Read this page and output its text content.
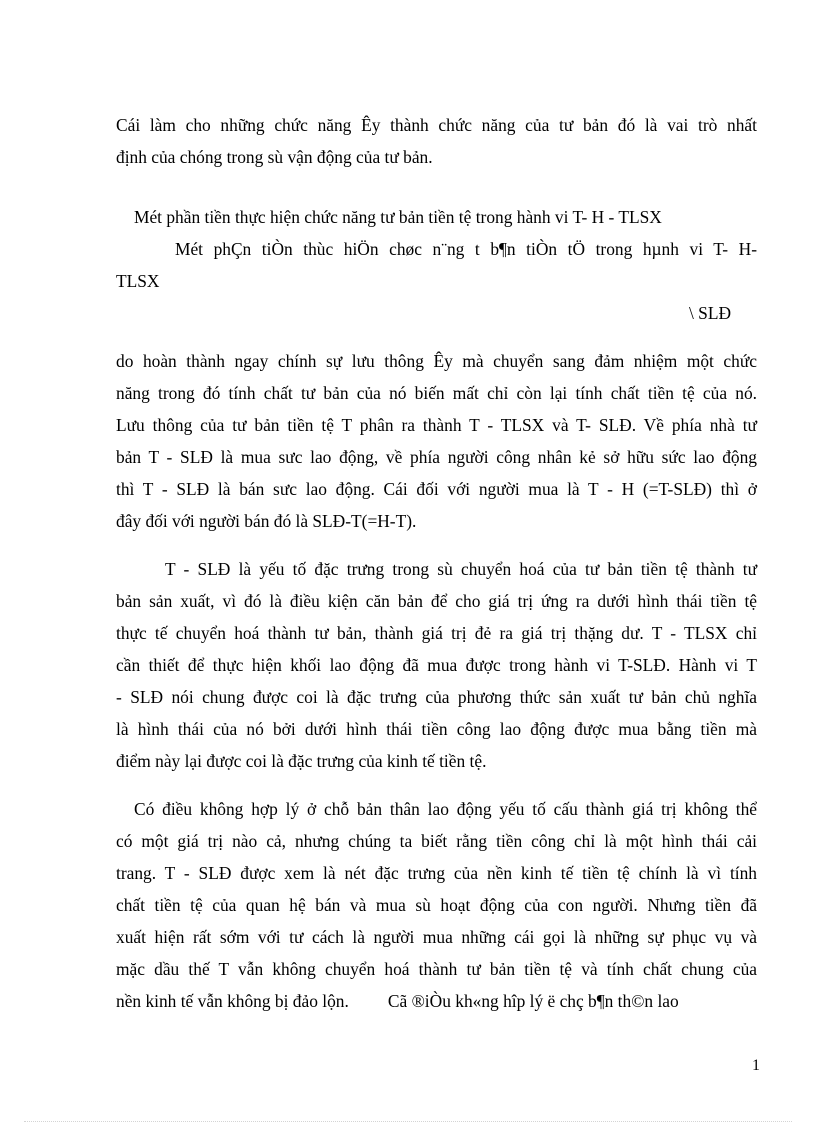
Cái làm cho những chức năng Êy thành chức năng của tư bản đó là vai trò nhất
định của chóng trong sù vận động của tư bản.
Mét phần tiền thực hiện chức năng tư bản tiền tệ trong hành vi T- H - TLSX
Mét phÇn tiÒn thùc hiÖn chøc n¨ng t b¶n tiÒn tÖ trong hµnh vi T- H-
TLSX
\ SLĐ
do hoàn thành ngay chính sự lưu thông Êy mà chuyển sang đảm nhiệm một chức
năng trong đó tính chất tư bản của nó biến mất chỉ còn lại tính chất tiền tệ của nó.
Lưu thông của tư bản tiền tệ T phân ra thành T - TLSX và T- SLĐ. Về phía nhà tư
bản T - SLĐ là mua sưc lao động, về phía người công nhân kẻ sở hữu sức lao động
thì T - SLĐ là bán sưc lao động. Cái đối với người mua là T - H (=T-SLĐ) thì ở
đây đối với người bán đó là SLĐ-T(=H-T).
T - SLĐ là yếu tố đặc trưng trong sù chuyển hoá của tư bản tiền tệ thành tư
bản sản xuất, vì đó là điều kiện căn bản để cho giá trị ứng ra dưới hình thái tiền tệ
thực tế chuyển hoá thành tư bản, thành giá trị đẻ ra giá trị thặng dư. T - TLSX chỉ
cần thiết để thực hiện khối lao động đã mua được trong hành vi T-SLĐ. Hành vi T
- SLĐ nói chung được coi là đặc trưng của phương thức sản xuất tư bản chủ nghĩa
là hình thái của nó bởi dưới hình thái tiền công lao động được mua bằng tiền mà
điểm này lại được coi là đặc trưng của kinh tế tiền tệ.
Có điều không hợp lý ở chỗ bản thân lao động yếu tố cấu thành giá trị không thể
có một giá trị nào cả, nhưng chúng ta biết rằng tiền công chỉ là một hình thái cải
trang. T - SLĐ được xem là nét đặc trưng của nền kinh tế tiền tệ chính là vì tính
chất tiền tệ của quan hệ bán và mua sù hoạt động của con người. Nhưng tiền đã
xuất hiện rất sớm với tư cách là người mua những cái gọi là những sự phục vụ và
mặc dầu thế T vẫn không chuyển hoá thành tư bản tiền tệ và tính chất chung của
nền kinh tế vẫn không bị đảo lộn.         Cã ®iÒu kh«ng hîp lý ë chç b¶n th©n lao
1
